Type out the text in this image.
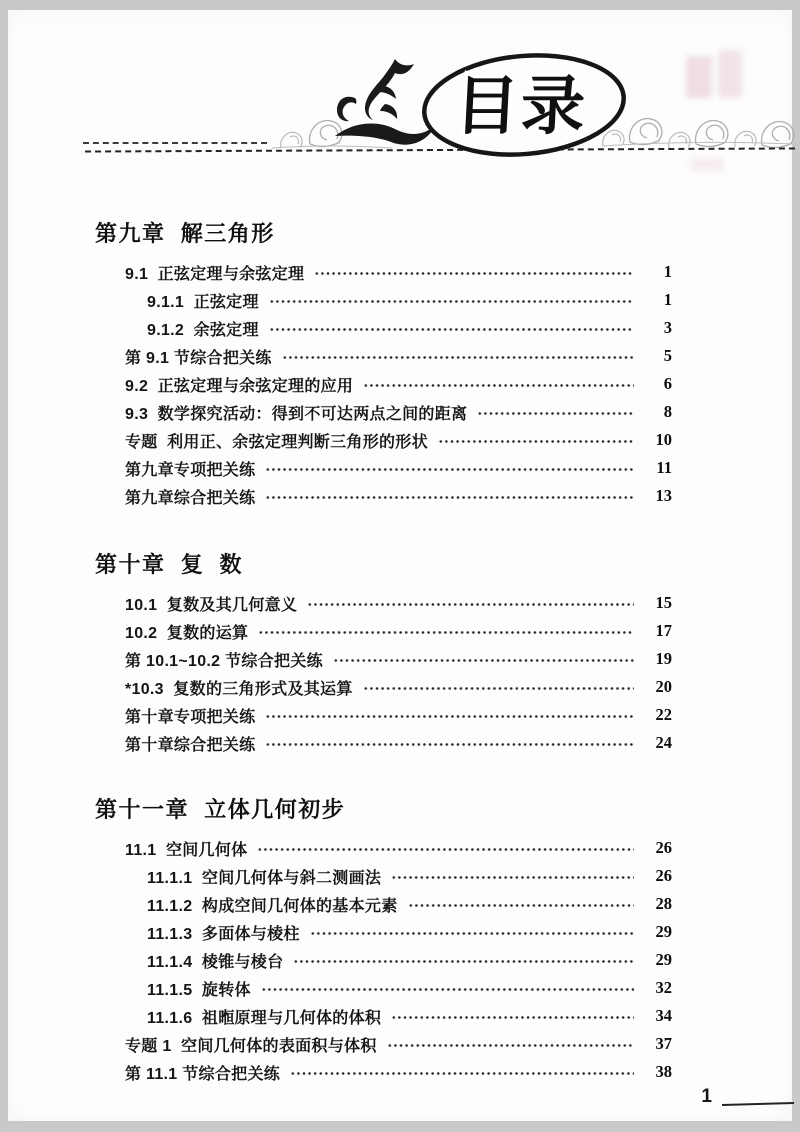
目录
第九章  解三角形
9.1  正弦定理与余弦定理	1
9.1.1  正弦定理	1
9.1.2  余弦定理	3
第 9.1 节综合把关练	5
9.2  正弦定理与余弦定理的应用	6
9.3  数学探究活动：得到不可达两点之间的距离	8
专题  利用正、余弦定理判断三角形的形状	10
第九章专项把关练	11
第九章综合把关练	13
第十章  复  数
10.1  复数及其几何意义	15
10.2  复数的运算	17
第 10.1~10.2 节综合把关练	19
*10.3  复数的三角形式及其运算	20
第十章专项把关练	22
第十章综合把关练	24
第十一章  立体几何初步
11.1  空间几何体	26
11.1.1  空间几何体与斜二测画法	26
11.1.2  构成空间几何体的基本元素	28
11.1.3  多面体与棱柱	29
11.1.4  棱锥与棱台	29
11.1.5  旋转体	32
11.1.6  祖暅原理与几何体的体积	34
专题 1  空间几何体的表面积与体积	37
第 11.1 节综合把关练	38
1
